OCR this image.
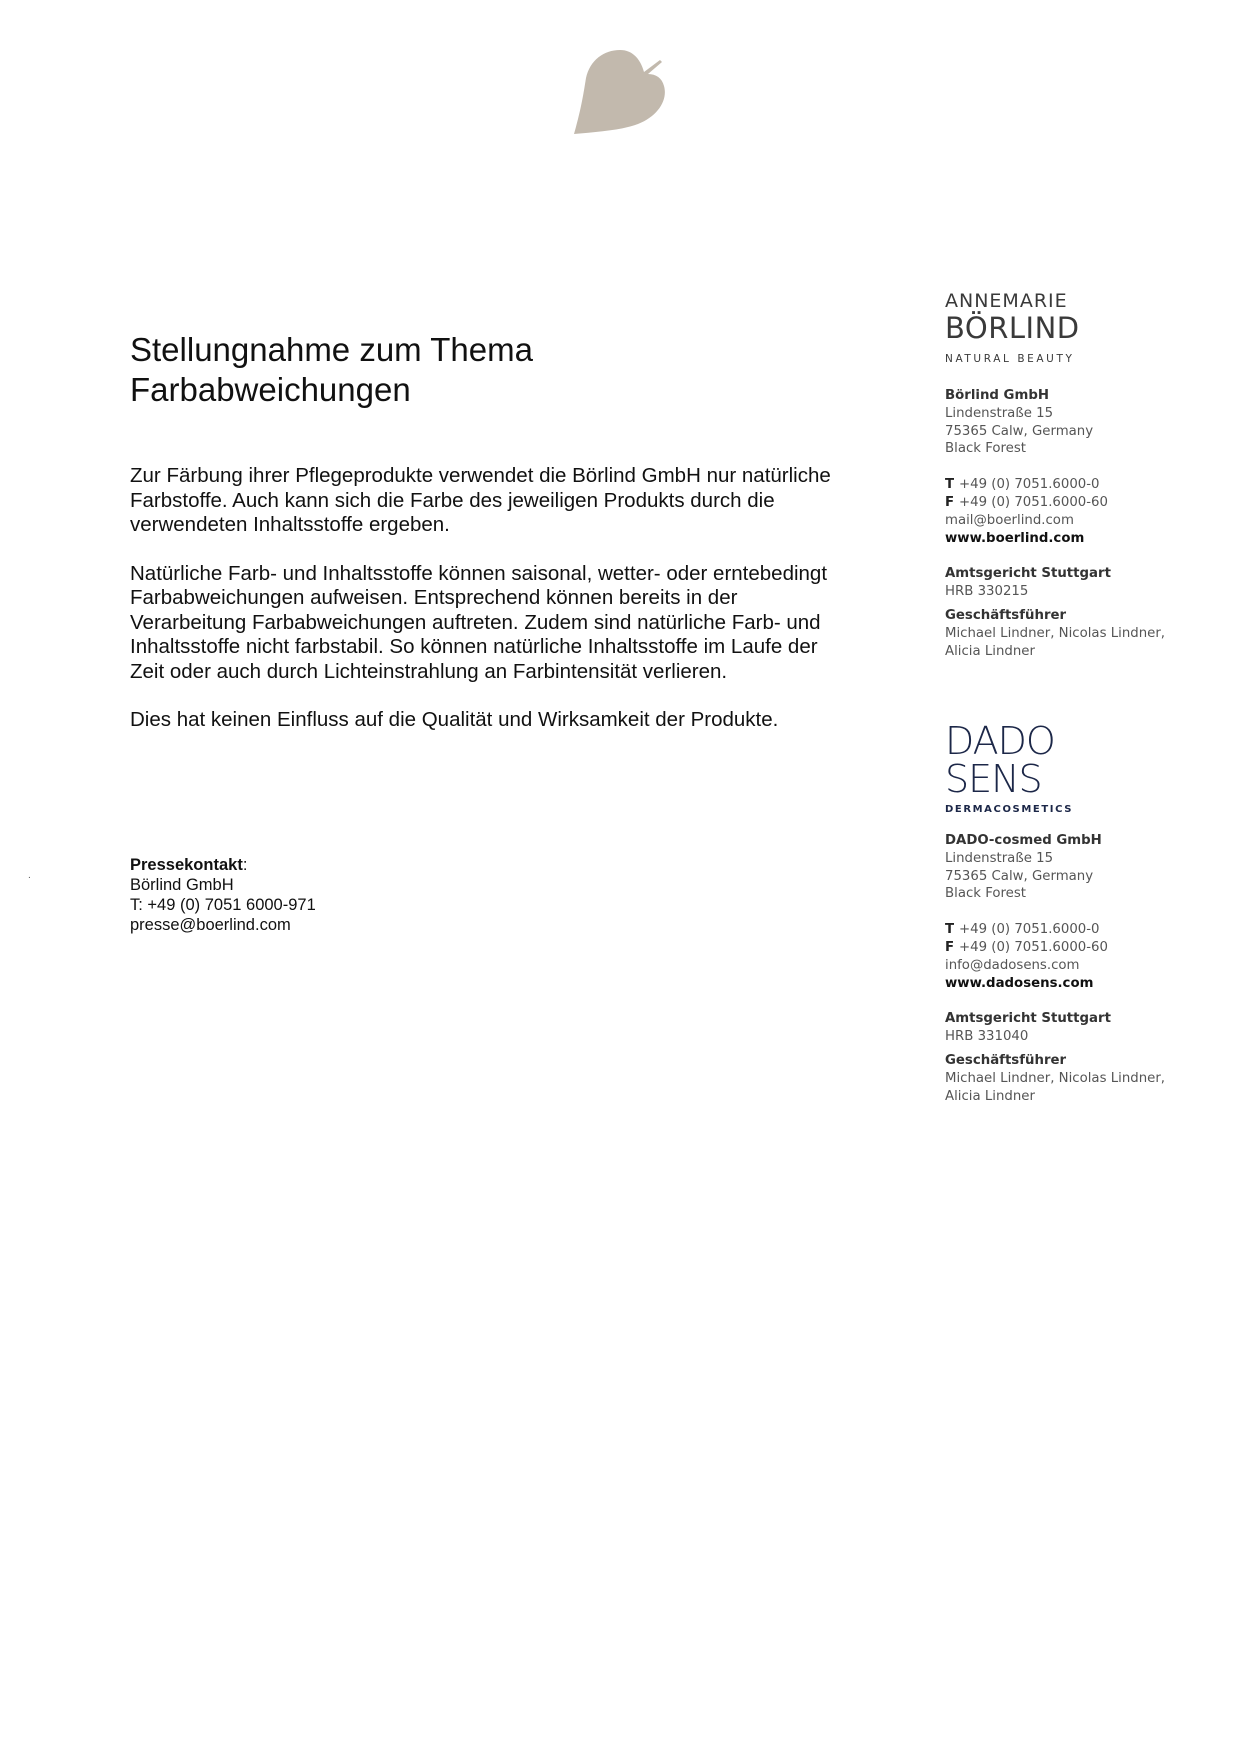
.
Stellungnahme zum Thema
Farbabweichungen

Zur Färbung ihrer Pflegeprodukte verwendet die Börlind GmbH nur natürliche
Farbstoffe. Auch kann sich die Farbe des jeweiligen Produkts durch die
verwendeten Inhaltsstoffe ergeben.

Natürliche Farb- und Inhaltsstoffe können saisonal, wetter- oder erntebedingt
Farbabweichungen aufweisen. Entsprechend können bereits in der
Verarbeitung Farbabweichungen auftreten. Zudem sind natürliche Farb- und
Inhaltsstoffe nicht farbstabil. So können natürliche Inhaltsstoffe im Laufe der
Zeit oder auch durch Lichteinstrahlung an Farbintensität verlieren.

Dies hat keinen Einfluss auf die Qualität und Wirksamkeit der Produkte.

Pressekontakt:
Börlind GmbH
T: +49 (0) 7051 6000-971
presse@boerlind.com
ANNEMARIE
BÖRLIND
NATURAL BEAUTY
Börlind GmbH
Lindenstraße 15
75365 Calw, Germany
Black Forest
T +49 (0) 7051.6000-0
F +49 (0) 7051.6000-60
mail@boerlind.com
www.boerlind.com
Amtsgericht Stuttgart
HRB 330215
Geschäftsführer
Michael Lindner, Nicolas Lindner,
Alicia Lindner
DADO
SENS
DERMACOSMETICS
DADO-cosmed GmbH
Lindenstraße 15
75365 Calw, Germany
Black Forest
T +49 (0) 7051.6000-0
F +49 (0) 7051.6000-60
info@dadosens.com
www.dadosens.com
Amtsgericht Stuttgart
HRB 331040
Geschäftsführer
Michael Lindner, Nicolas Lindner,
Alicia Lindner
